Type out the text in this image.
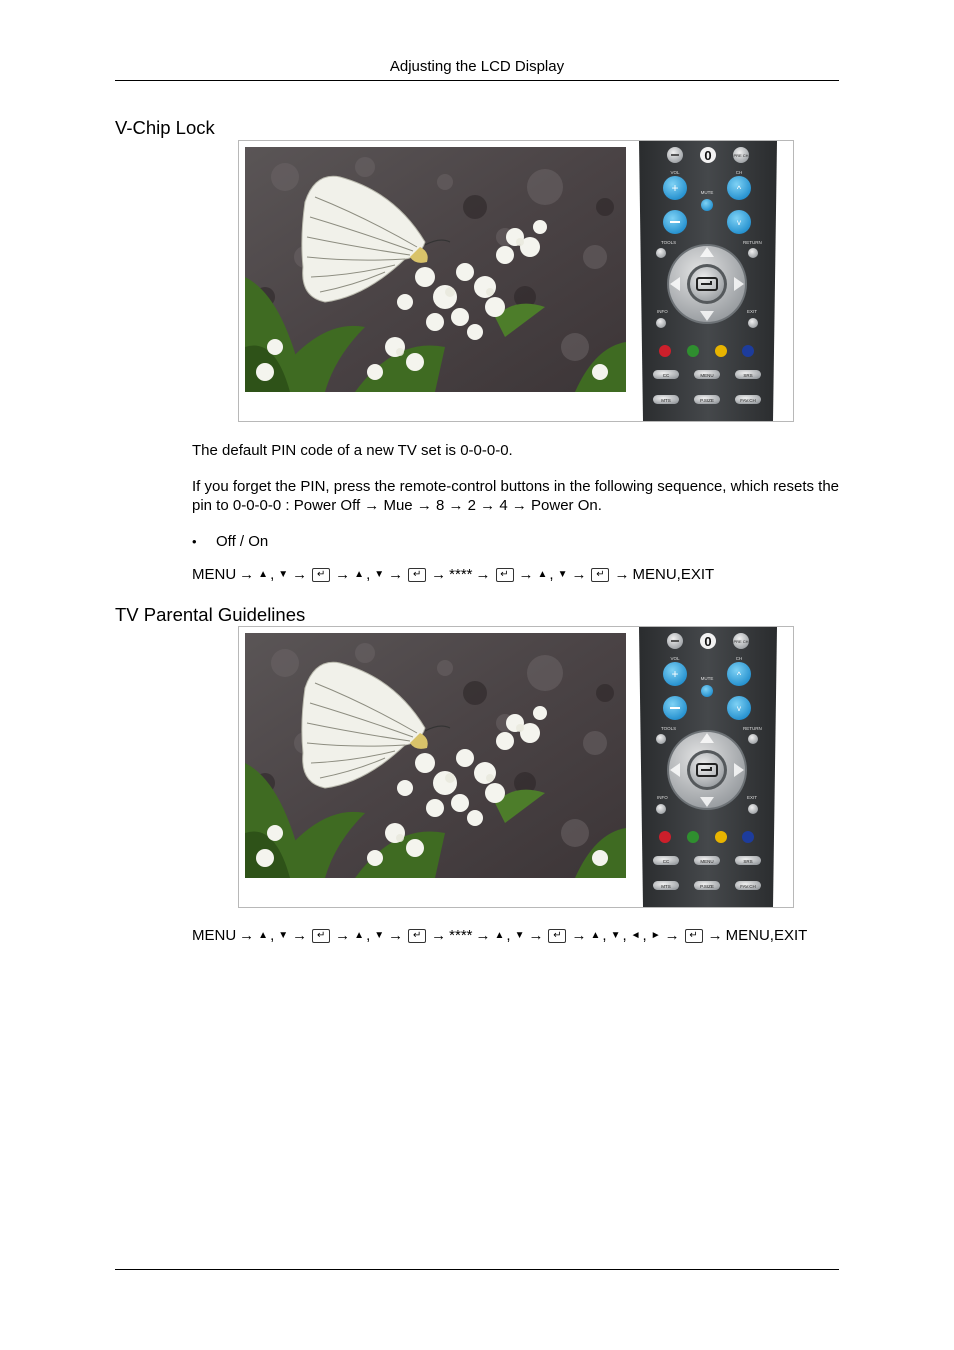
Adjusting the LCD Display
V-Chip Lock
0	PRE CH
VOL	CH
+	^
MUTE
v
TOOLS	RETURN
INFO	EXIT
CC	MENU	SRS
MTS	P.SIZE	FAV.CH
The default PIN code of a new TV set is 0-0-0-0.
If you forget the PIN, press the remote-control buttons in the following sequence, which resets the pin to 0-0-0-0 : Power Off → Mue → 8 → 2 → 4 → Power On.
• Off / On
MENU → ▲ , ▼ → ↵ → ▲ , ▼ → ↵ → **** → ↵ → ▲ , ▼ → ↵ → MENU,EXIT
TV Parental Guidelines
0	PRE CH
VOL	CH
+	^
MUTE
v
TOOLS	RETURN
INFO	EXIT
CC	MENU	SRS
MTS	P.SIZE	FAV.CH
MENU → ▲ , ▼ → ↵ → ▲ , ▼ → ↵ → **** → ▲ , ▼ → ↵ → ▲ , ▼ , ◄ , ► → ↵ → MENU,EXIT
